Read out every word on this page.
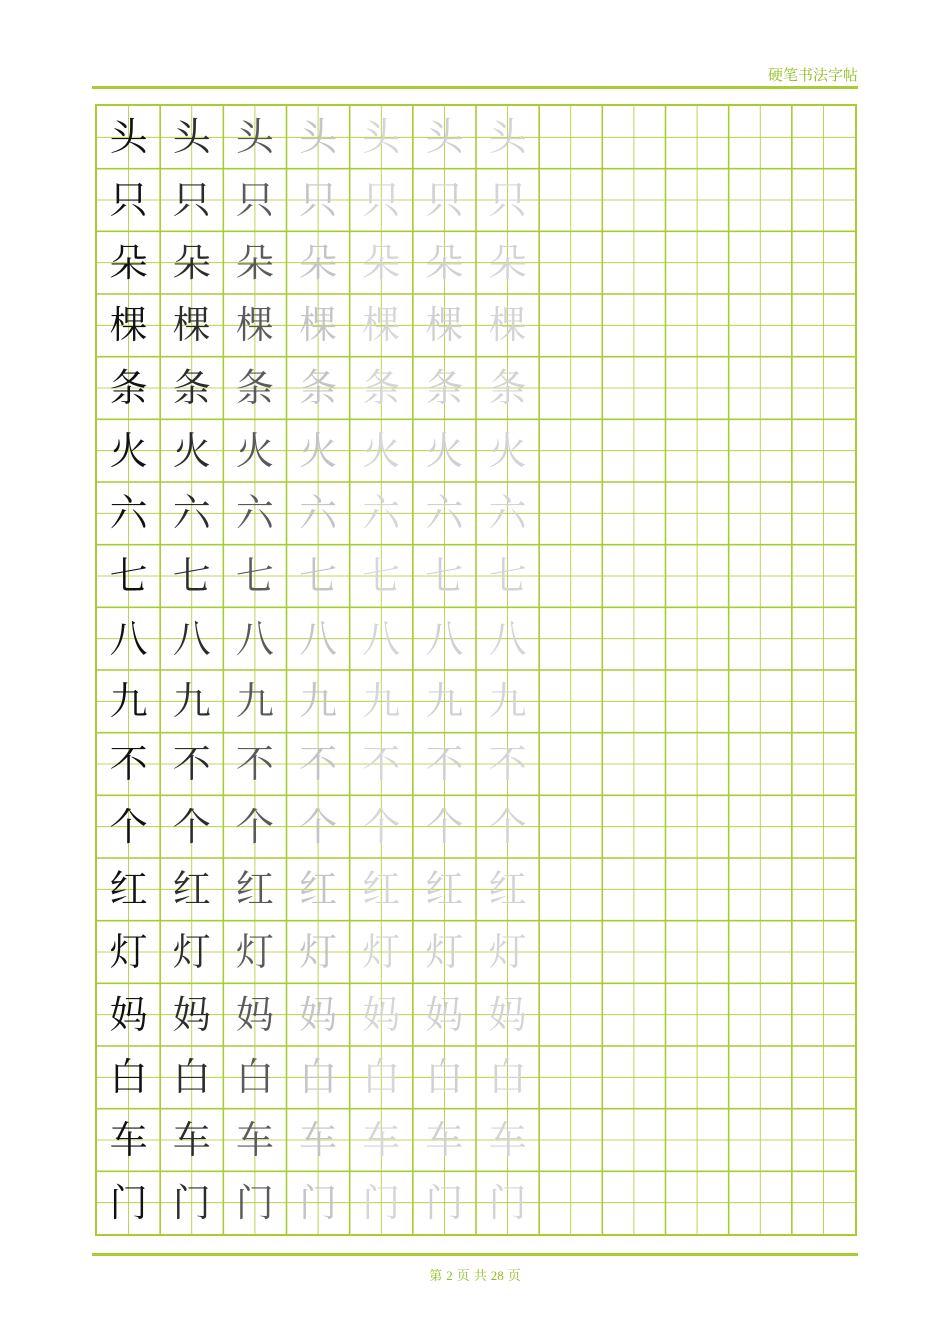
硬笔书法字帖
头 头 头 头 头 头 头
只 只 只 只 只 只 只
朵 朵 朵 朵 朵 朵 朵
棵 棵 棵 棵 棵 棵 棵
条 条 条 条 条 条 条
火 火 火 火 火 火 火
六 六 六 六 六 六 六
七 七 七 七 七 七 七
八 八 八 八 八 八 八
九 九 九 九 九 九 九
不 不 不 不 不 不 不
个 个 个 个 个 个 个
红 红 红 红 红 红 红
灯 灯 灯 灯 灯 灯 灯
妈 妈 妈 妈 妈 妈 妈
白 白 白 白 白 白 白
车 车 车 车 车 车 车
门 门 门 门 门 门 门
第 2 页 共 28 页
